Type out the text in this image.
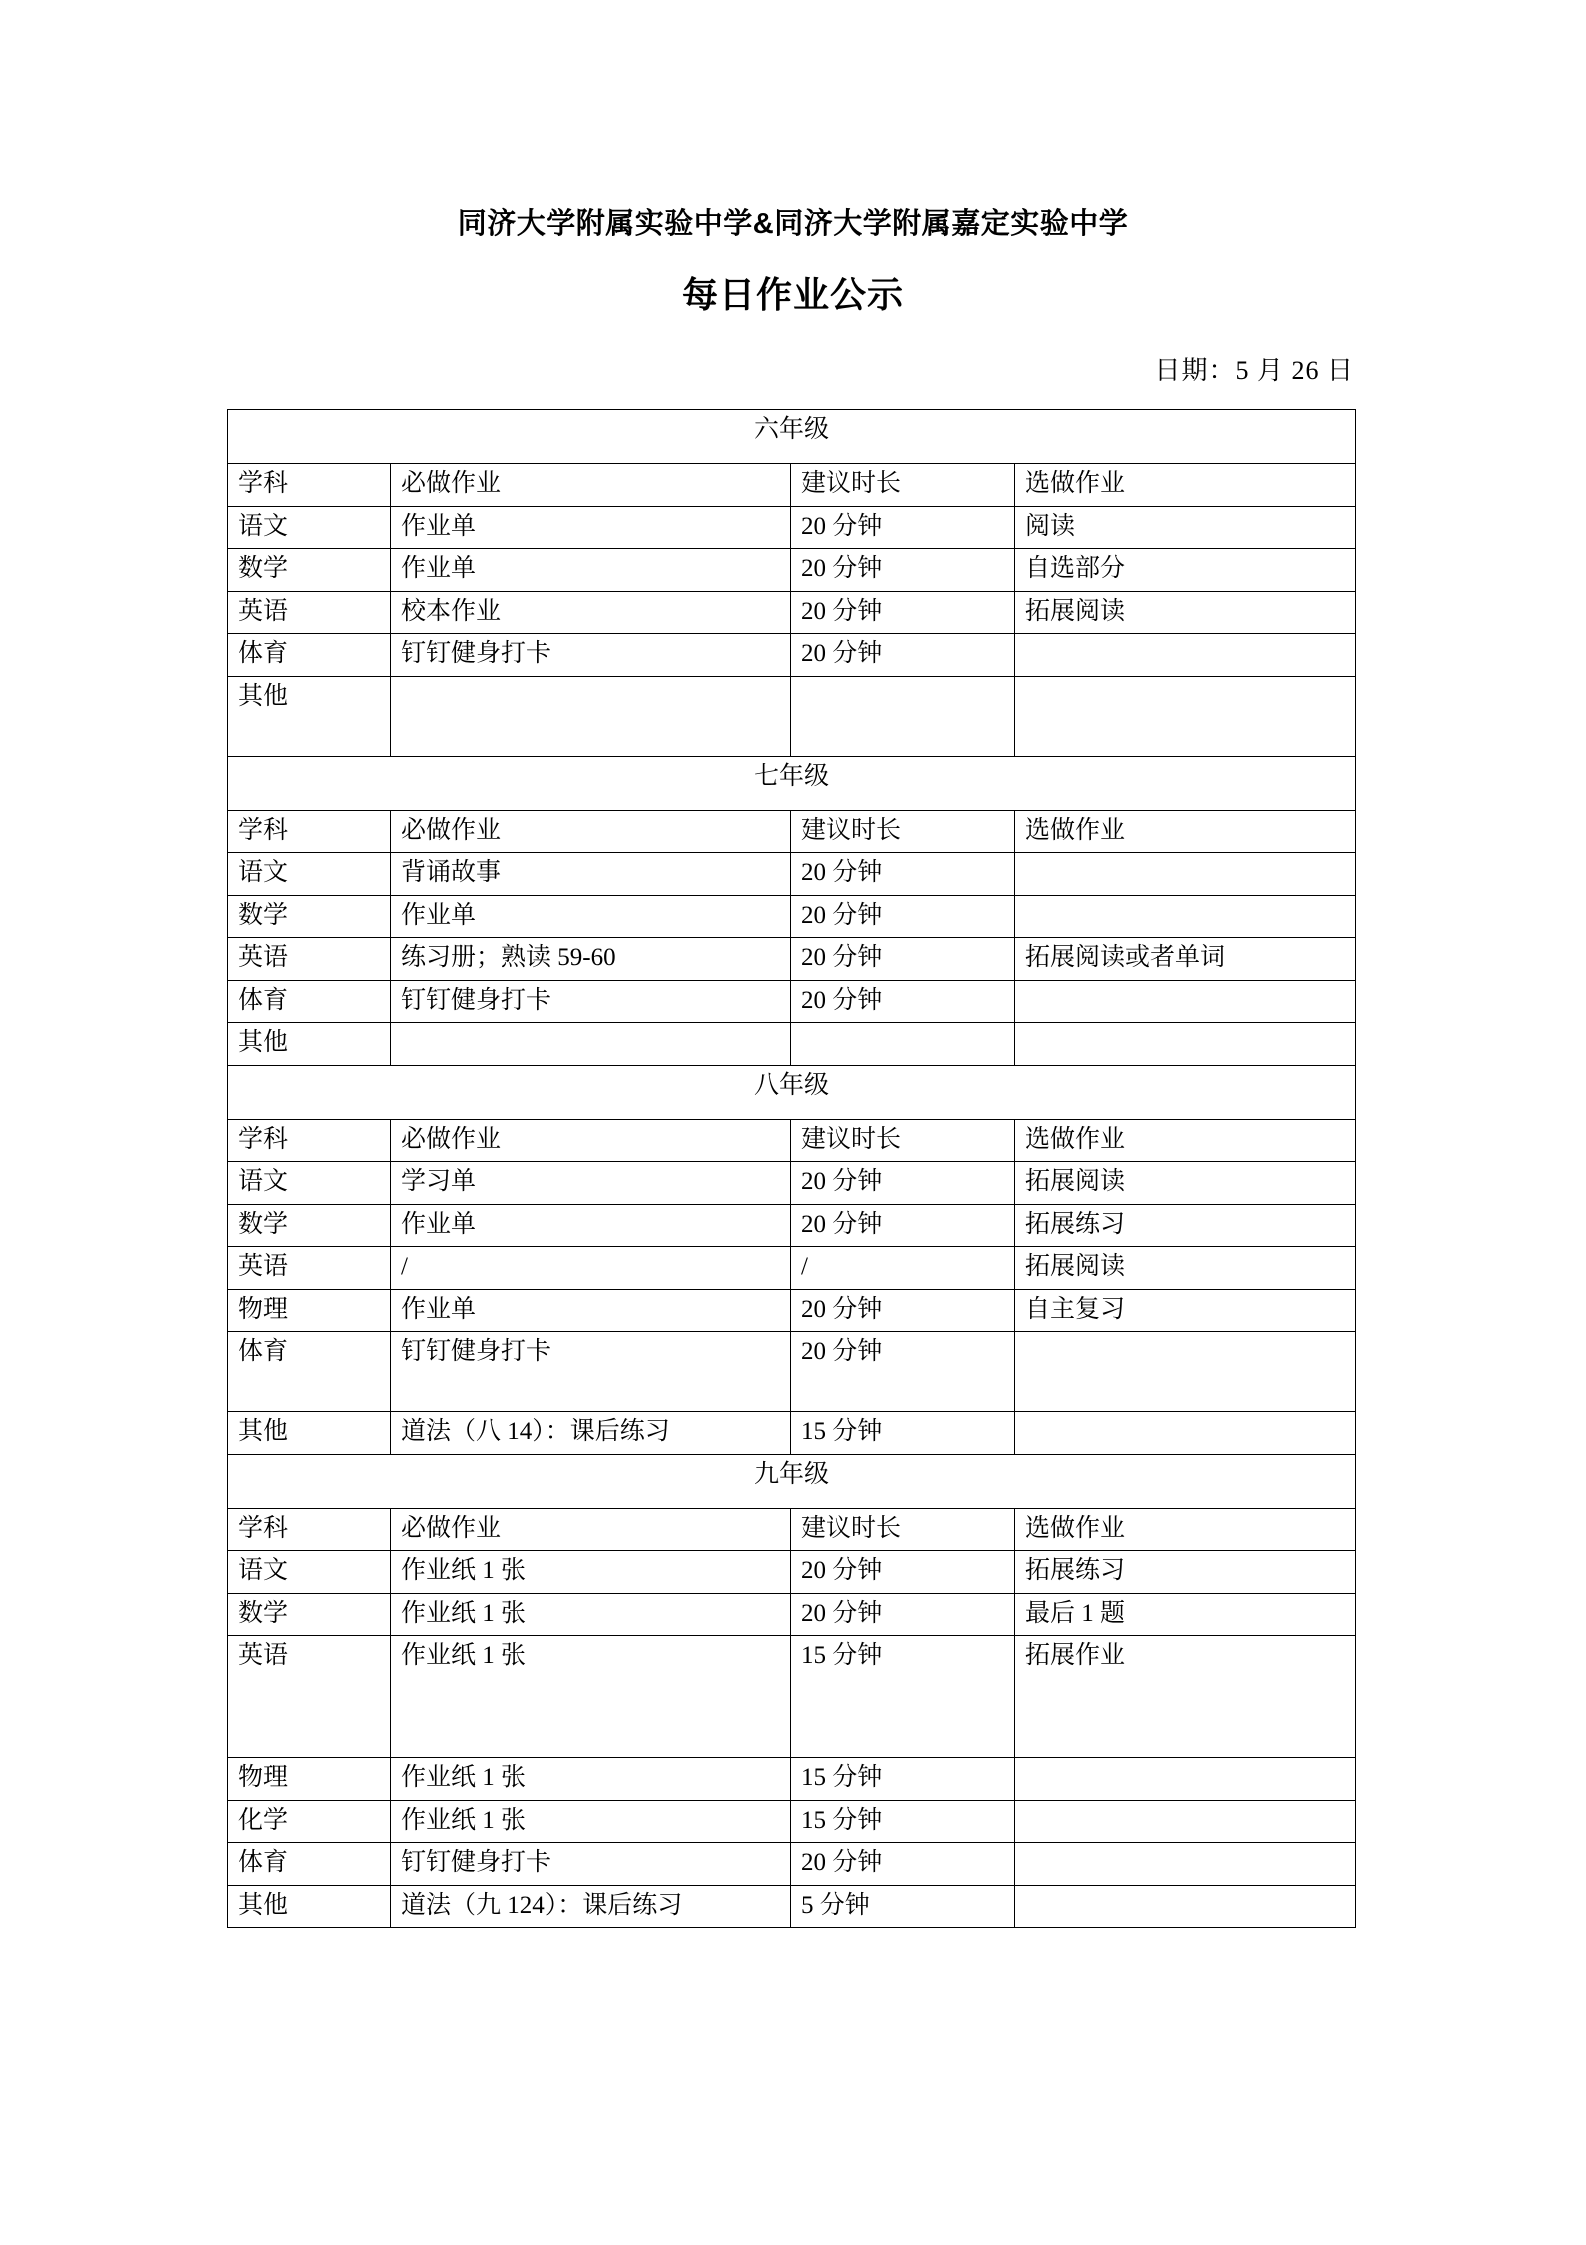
同济大学附属实验中学&同济大学附属嘉定实验中学
每日作业公示
日期：5 月 26 日
六年级			
学科	必做作业	建议时长	选做作业
语文	作业单	20 分钟	阅读
数学	作业单	20 分钟	自选部分
英语	校本作业	20 分钟	拓展阅读
体育	钉钉健身打卡	20 分钟	
其他			
七年级			
学科	必做作业	建议时长	选做作业
语文	背诵故事	20 分钟	
数学	作业单	20 分钟	
英语	练习册；熟读 59-60	20 分钟	拓展阅读或者单词
体育	钉钉健身打卡	20 分钟	
其他			
八年级			
学科	必做作业	建议时长	选做作业
语文	学习单	20 分钟	拓展阅读
数学	作业单	20 分钟	拓展练习
英语	/	/	拓展阅读
物理	作业单	20 分钟	自主复习
体育	钉钉健身打卡	20 分钟	
其他	道法（八 14）：课后练习	15 分钟	
九年级			
学科	必做作业	建议时长	选做作业
语文	作业纸 1 张	20 分钟	拓展练习
数学	作业纸 1 张	20 分钟	最后 1 题
英语	作业纸 1 张	15 分钟	拓展作业
物理	作业纸 1 张	15 分钟	
化学	作业纸 1 张	15 分钟	
体育	钉钉健身打卡	20 分钟	
其他	道法（九 124）：课后练习	5 分钟	
